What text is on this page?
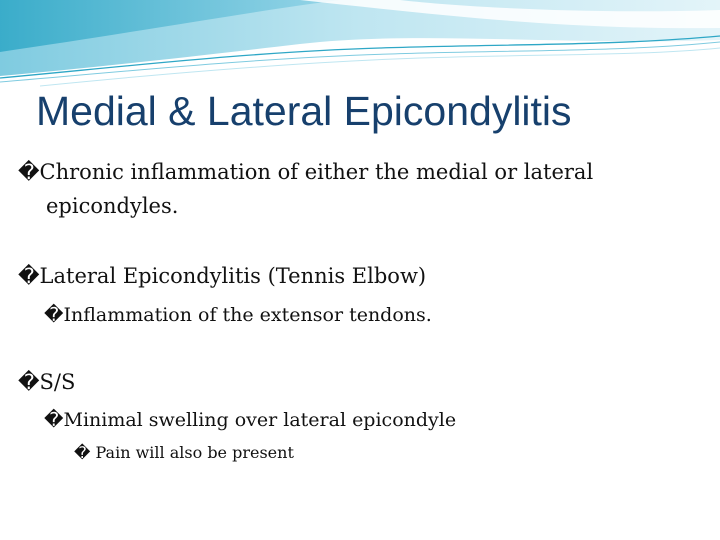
Medial & Lateral Epicondylitis
�Chronic inflammation of either the medial or lateral
epicondyles.
�Lateral Epicondylitis (Tennis Elbow)
�Inflammation of the extensor tendons.
�S/S
�Minimal swelling over lateral epicondyle
� Pain will also be present
